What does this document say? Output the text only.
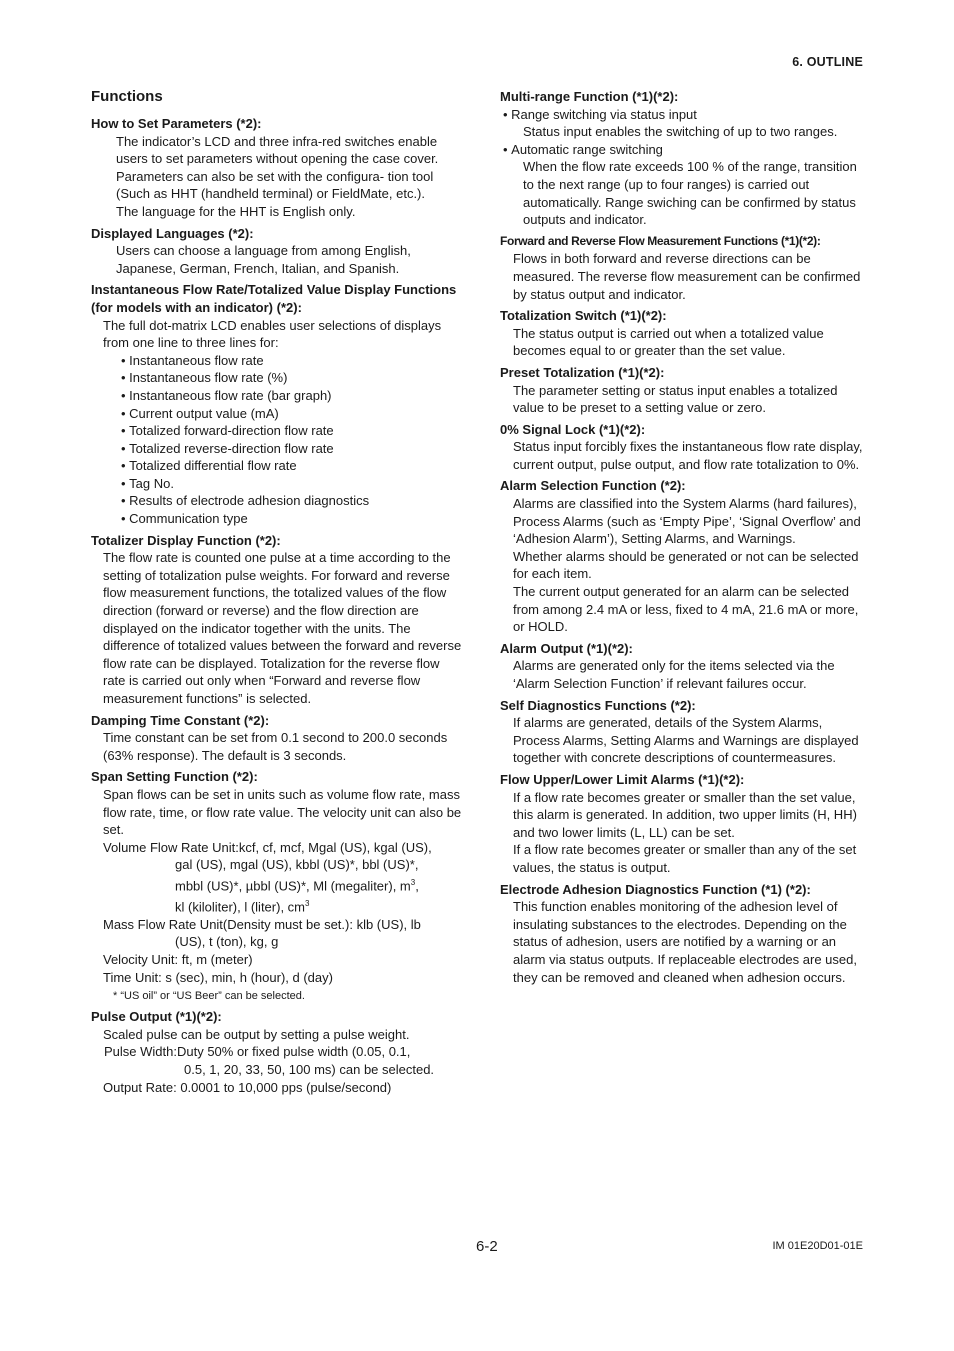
6. OUTLINE
Functions
How to Set Parameters (*2):

The indicator’s LCD and three infra-red switches enable users to set parameters without opening the case cover. Parameters can also be set with the configura- tion tool (Such as HHT (handheld terminal) or FieldMate, etc.).

The language for the HHT is English only.

Displayed Languages (*2):

Users can choose a language from among English, Japanese, German, French, Italian, and Spanish.

Instantaneous Flow Rate/Totalized Value Display Functions (for models with an indicator) (*2):

The full dot-matrix LCD enables user selections of displays from one line to three lines for:

• Instantaneous flow rate
• Instantaneous flow rate (%)
• Instantaneous flow rate (bar graph)
• Current output value (mA)
• Totalized forward-direction flow rate
• Totalized reverse-direction flow rate
• Totalized differential flow rate
• Tag No.
• Results of electrode adhesion diagnostics
• Communication type
Totalizer Display Function (*2):

The flow rate is counted one pulse at a time according to the setting of totalization pulse weights. For forward and reverse flow measurement functions, the totalized values of the flow direction (forward or reverse) and the flow direction are displayed on the indicator together with the units. The difference of totalized values between the forward and reverse flow rate can be displayed. Totalization for the reverse flow rate is carried out only when “Forward and reverse flow measurement functions” is selected.

Damping Time Constant (*2):

Time constant can be set from 0.1 second to 200.0 seconds (63% response). The default is 3 seconds.

Span Setting Function (*2):

Span flows can be set in units such as volume flow rate, mass flow rate, time, or flow rate value. The velocity unit can also be set.

Volume Flow Rate Unit: kcf, cf, mcf, Mgal (US), kgal (US),

gal (US), mgal (US), kbbl (US)*, bbl (US)*,

mbbl (US)*, µbbl (US)*, Ml (megaliter), $m^3$,

kl (kiloliter), l (liter), $cm^3$

Mass Flow Rate Unit (Density must be set.): klb (US), lb

(US), t (ton), kg, g

Velocity Unit: ft, m (meter)

Time Unit: s (sec), min, h (hour), d (day)

* “US oil” or “US Beer” can be selected.

Pulse Output (*1)(*2):

Scaled pulse can be output by setting a pulse weight.

Pulse Width: Duty 50% or fixed pulse width (0.05, 0.1,

0.5, 1, 20, 33, 50, 100 ms) can be selected.

Output Rate: 0.0001 to 10,000 pps (pulse/second)

Multi-range Function (*1)(*2):
• Range switching via status input

Status input enables the switching of up to two ranges.

• Automatic range switching

When the flow rate exceeds 100 % of the range, transition to the next range (up to four ranges) is carried out automatically. Range swiching can be confirmed by status outputs and indicator.

Forward and Reverse Flow Measurement Functions (*1)(*2):

Flows in both forward and reverse directions can be measured. The reverse flow measurement can be confirmed by status output and indicator.

Totalization Switch (*1)(*2):

The status output is carried out when a totalized value becomes equal to or greater than the set value.

Preset Totalization (*1)(*2):

The parameter setting or status input enables a totalized value to be preset to a setting value or zero.

0% Signal Lock (*1)(*2):

Status input forcibly fixes the instantaneous flow rate display, current output, pulse output, and flow rate totalization to 0%.

Alarm Selection Function (*2):

Alarms are classified into the System Alarms (hard failures), Process Alarms (such as ‘Empty Pipe’, ‘Signal Overflow’ and ‘Adhesion Alarm’), Setting Alarms, and Warnings.

Whether alarms should be generated or not can be selected for each item.

The current output generated for an alarm can be selected from among 2.4 mA or less, fixed to 4 mA, 21.6 mA or more, or HOLD.

Alarm Output (*1)(*2):

Alarms are generated only for the items selected via the ‘Alarm Selection Function’ if relevant failures occur.

Self Diagnostics Functions (*2):

If alarms are generated, details of the System Alarms, Process Alarms, Setting Alarms and Warnings are displayed together with concrete descriptions of countermeasures.

Flow Upper/Lower Limit Alarms (*1)(*2):

If a flow rate becomes greater or smaller than the set value, this alarm is generated. In addition, two upper limits (H, HH) and two lower limits (L, LL) can be set.

If a flow rate becomes greater or smaller than any of the set values, the status is output.

Electrode Adhesion Diagnostics Function (*1) (*2):

This function enables monitoring of the adhesion level of insulating substances to the electrodes. Depending on the status of adhesion, users are notified by a warning or an alarm via status outputs. If replaceable electrodes are used, they can be removed and cleaned when adhesion occurs.

6-2	IM 01E20D01-01E
